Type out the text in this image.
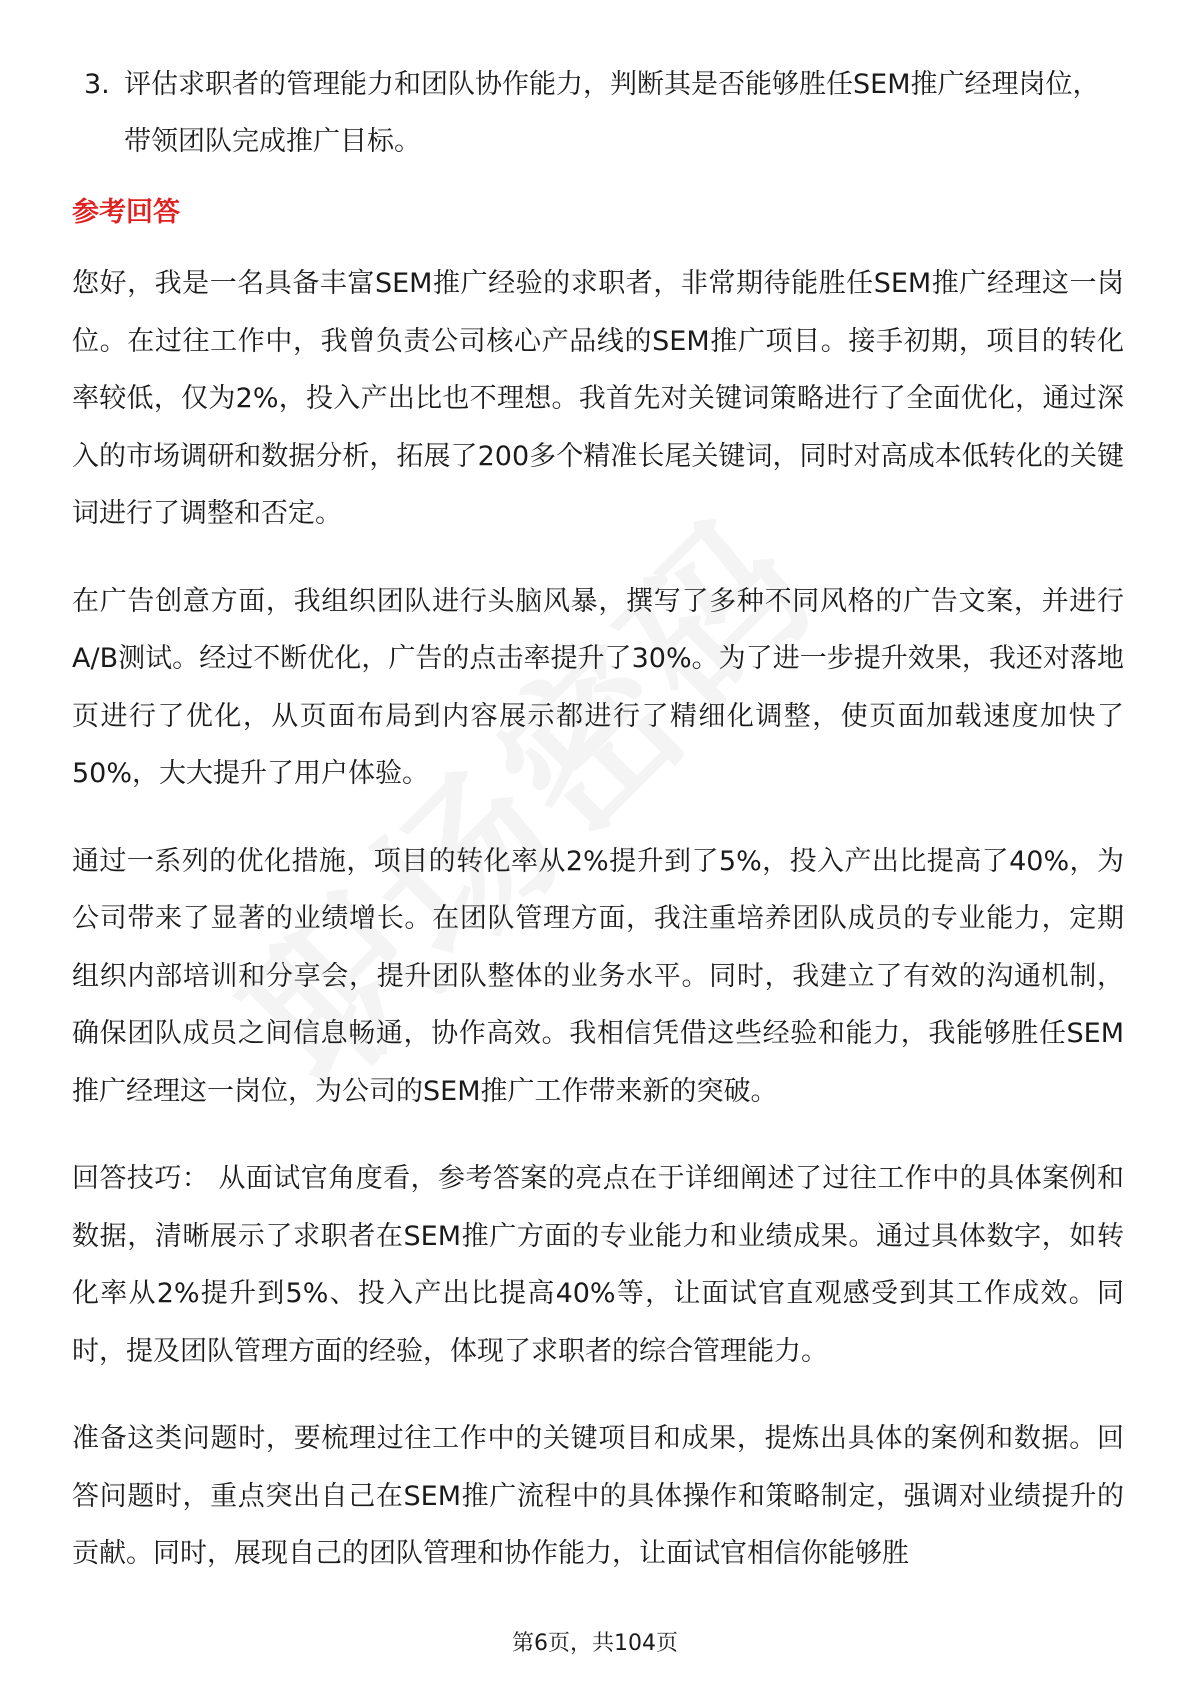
3. 评估求职者的管理能力和团队协作能力，判断其是否能够胜任SEM推广经理岗位，带领团队完成推广目标。
参考回答

您好，我是一名具备丰富SEM推广经验的求职者，非常期待能胜任SEM推广经理这一岗位。在过往工作中，我曾负责公司核心产品线的SEM推广项目。接手初期，项目的转化率较低，仅为2%，投入产出比也不理想。我首先对关键词策略进行了全面优化，通过深入的市场调研和数据分析，拓展了200多个精准长尾关键词，同时对高成本低转化的关键词进行了调整和否定。

在广告创意方面，我组织团队进行头脑风暴，撰写了多种不同风格的广告文案，并进行A/B测试。经过不断优化，广告的点击率提升了30%。为了进一步提升效果，我还对落地页进行了优化，从页面布局到内容展示都进行了精细化调整，使页面加载速度加快了50%，大大提升了用户体验。

通过一系列的优化措施，项目的转化率从2%提升到了5%，投入产出比提高了40%，为公司带来了显著的业绩增长。在团队管理方面，我注重培养团队成员的专业能力，定期组织内部培训和分享会，提升团队整体的业务水平。同时，我建立了有效的沟通机制，确保团队成员之间信息畅通，协作高效。我相信凭借这些经验和能力，我能够胜任SEM推广经理这一岗位，为公司的SEM推广工作带来新的突破。

回答技巧： 从面试官角度看，参考答案的亮点在于详细阐述了过往工作中的具体案例和数据，清晰展示了求职者在SEM推广方面的专业能力和业绩成果。通过具体数字，如转化率从2%提升到5%、投入产出比提高40%等，让面试官直观感受到其工作成效。同时，提及团队管理方面的经验，体现了求职者的综合管理能力。

准备这类问题时，要梳理过往工作中的关键项目和成果，提炼出具体的案例和数据。回答问题时，重点突出自己在SEM推广流程中的具体操作和策略制定，强调对业绩提升的贡献。同时，展现自己的团队管理和协作能力，让面试官相信你能够胜

第6页，共104页
